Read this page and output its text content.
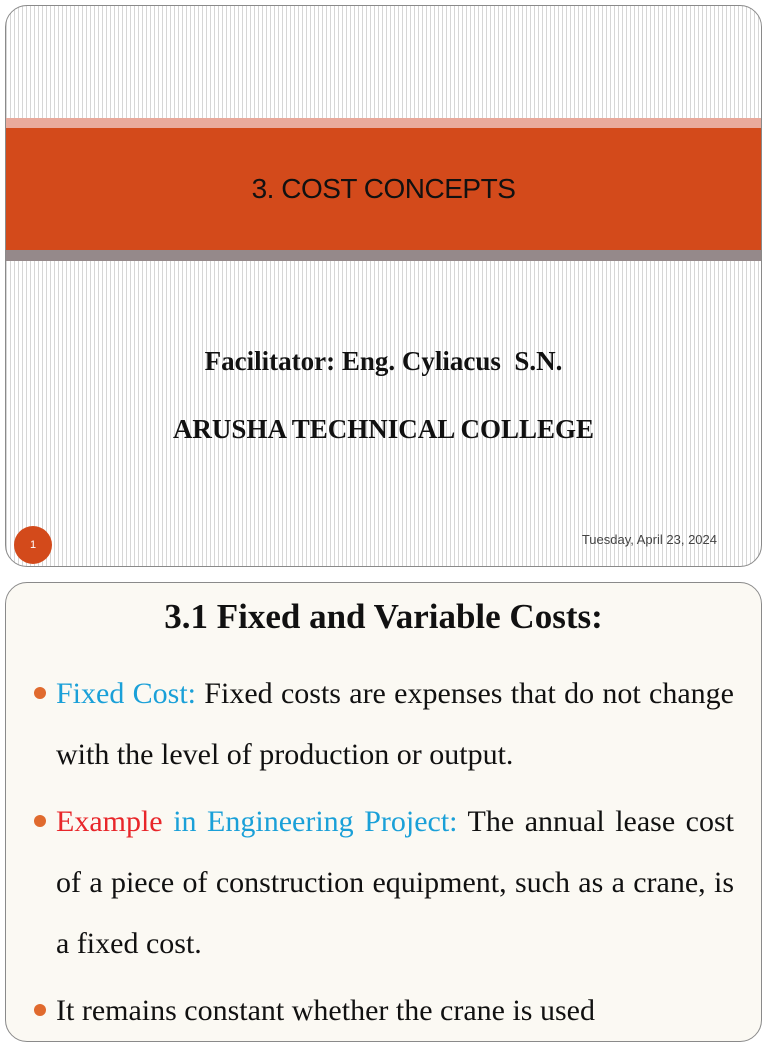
3. COST CONCEPTS
Facilitator: Eng. Cyliacus  S.N.
ARUSHA TECHNICAL COLLEGE
1	Tuesday, April 23, 2024
3.1 Fixed and Variable Costs:
Fixed Cost: Fixed costs are expenses that do not change with the level of production or output.
Example in Engineering Project: The annual lease cost of a piece of construction equipment, such as a crane, is a fixed cost.
It remains constant whether the crane is used
